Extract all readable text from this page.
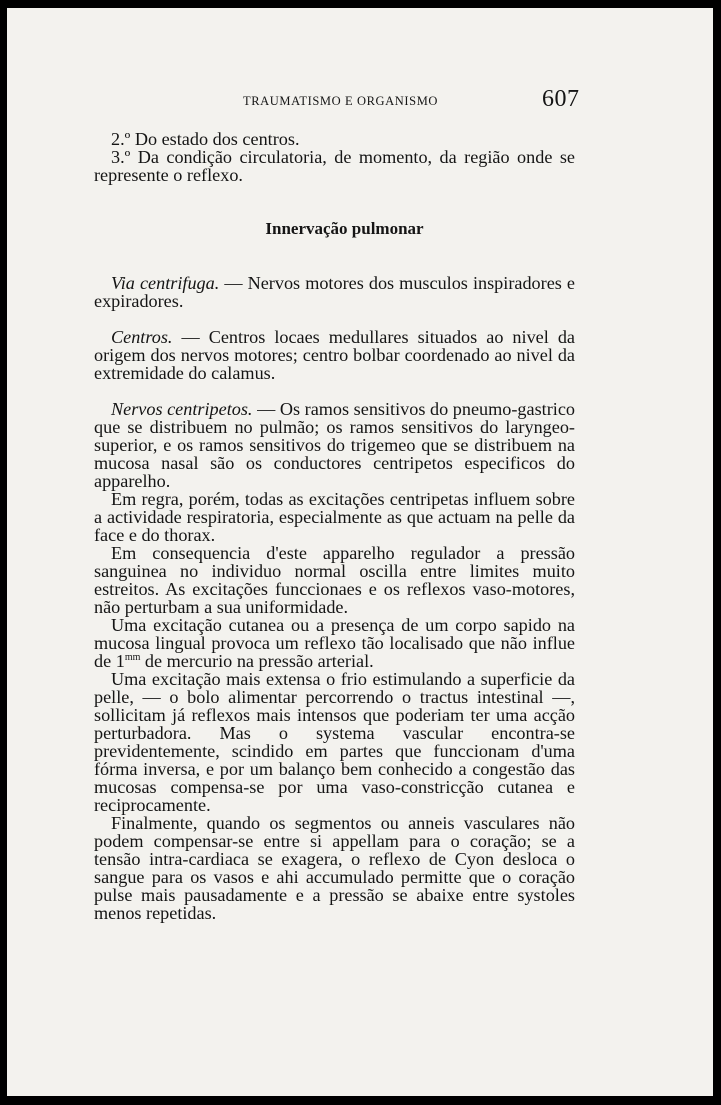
TRAUMATISMO E ORGANISMO	607

2.º Do estado dos centros.

3.º Da condição circulatoria, de momento, da região onde se represente o reflexo.

Innervação pulmonar

Via centrifuga. — Nervos motores dos musculos inspiradores e expiradores.

Centros. — Centros locaes medullares situados ao nivel da origem dos nervos motores; centro bolbar coordenado ao nivel da extremidade do calamus.

Nervos centripetos. — Os ramos sensitivos do pneumo-gastrico que se distribuem no pulmão; os ramos sensitivos do laryngeo-superior, e os ramos sensitivos do trigemeo que se distribuem na mucosa nasal são os conductores centripetos especificos do apparelho.

Em regra, porém, todas as excitações centripetas influem sobre a actividade respiratoria, especialmente as que actuam na pelle da face e do thorax.

Em consequencia d'este apparelho regulador a pressão sanguinea no individuo normal oscilla entre limites muito estreitos. As excitações funccionaes e os reflexos vaso-motores, não perturbam a sua uniformidade.

Uma excitação cutanea ou a presença de um corpo sapido na mucosa lingual provoca um reflexo tão localisado que não influe de $1^{mm}$ de mercurio na pressão arterial.

Uma excitação mais extensa o frio estimulando a superficie da pelle, — o bolo alimentar percorrendo o tractus intestinal —, sollicitam já reflexos mais intensos que poderiam ter uma acção perturbadora. Mas o systema vascular encontra-se previdentemente, scindido em partes que funccionam d'uma fórma inversa, e por um balanço bem conhecido a congestão das mucosas compensa-se por uma vaso-constricção cutanea e reciprocamente.

Finalmente, quando os segmentos ou anneis vasculares não podem compensar-se entre si appellam para o coração; se a tensão intra-cardiaca se exagera, o reflexo de Cyon desloca o sangue para os vasos e ahi accumulado permitte que o coração pulse mais pausadamente e a pressão se abaixe entre systoles menos repetidas.
